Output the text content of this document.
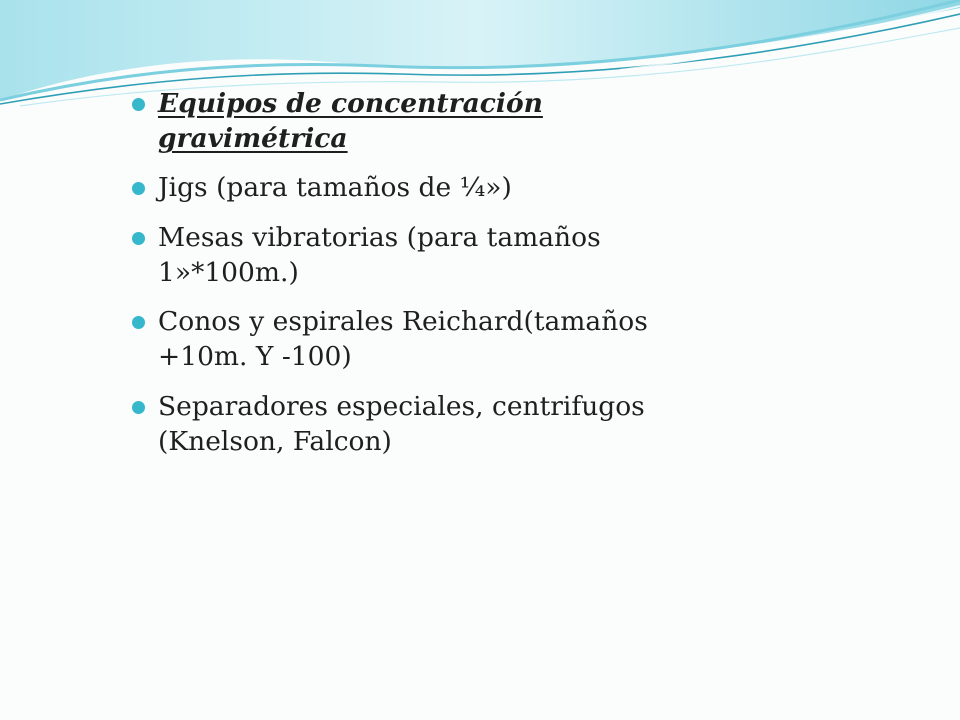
Equipos de concentración gravimétrica
Jigs (para tamaños de ¼»)
Mesas vibratorias (para tamaños 1»*100m.)
Conos y espirales Reichard(tamaños +10m. Y -100)
Separadores especiales, centrifugos (Knelson, Falcon)
